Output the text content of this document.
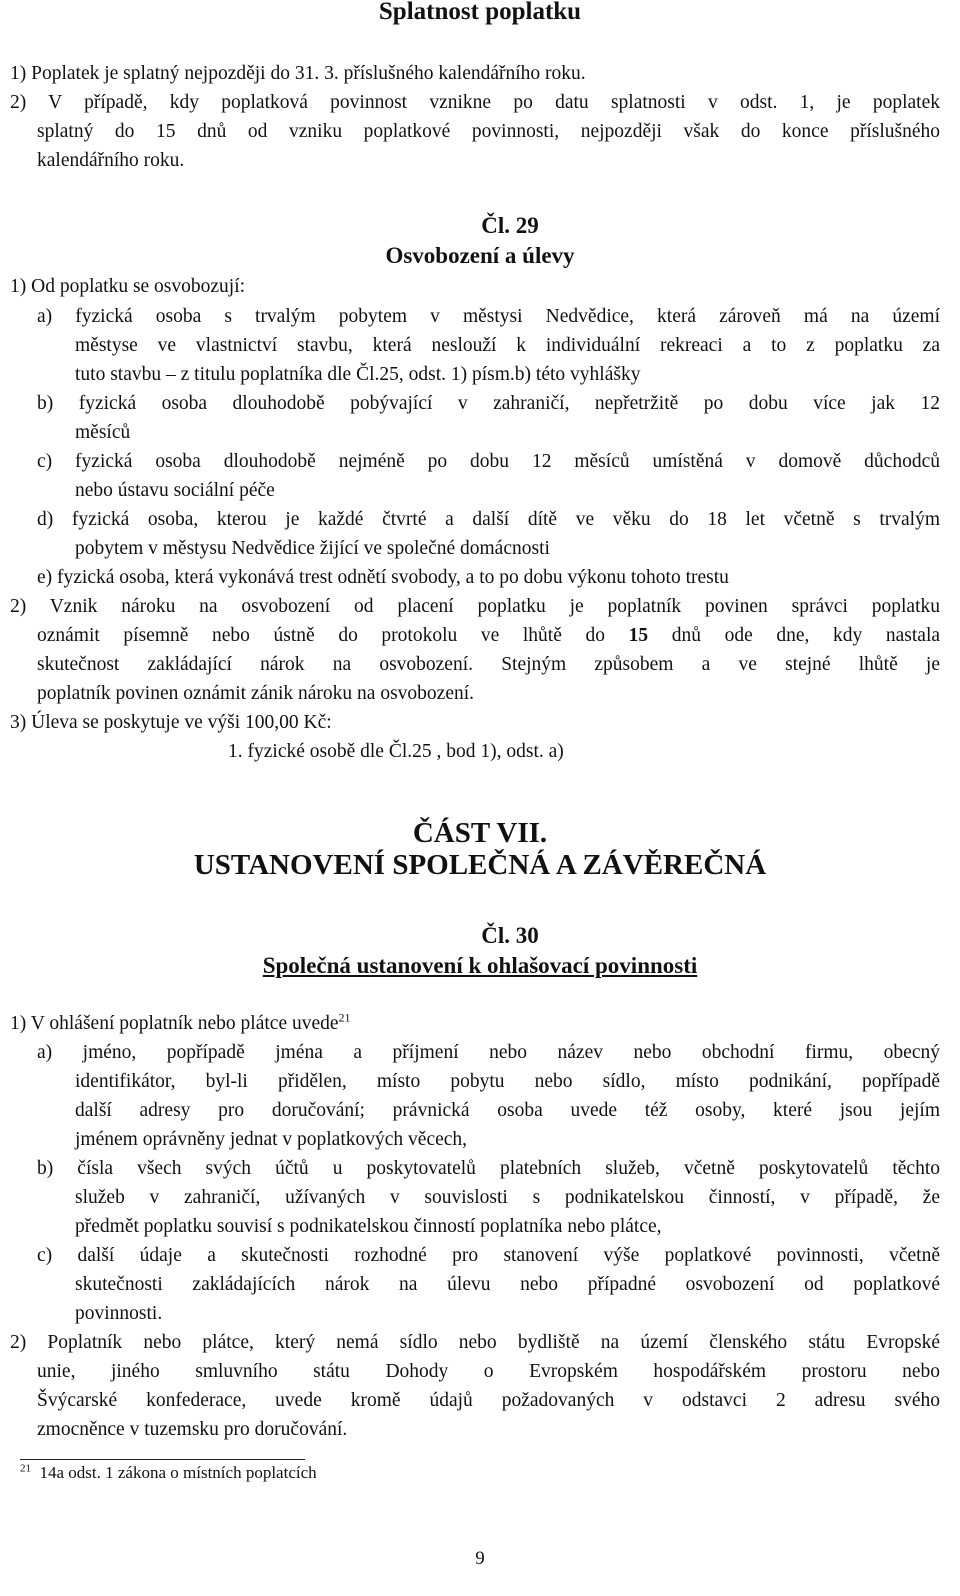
Splatnost poplatku
1) Poplatek je splatný nejpozději do 31. 3. příslušného kalendářního roku.
2) V případě, kdy poplatková povinnost vznikne po datu splatnosti v odst. 1, je poplatek
splatný do 15 dnů od vzniku poplatkové povinnosti, nejpozději však do konce příslušného
kalendářního roku.
Čl. 29
Osvobození a úlevy
1) Od poplatku se osvobozují:
a) fyzická osoba s trvalým pobytem v městysi Nedvědice, která zároveň má na území
městyse ve vlastnictví stavbu, která neslouží k individuální rekreaci a to z poplatku za
tuto stavbu – z titulu poplatníka dle Čl.25, odst. 1) písm.b) této vyhlášky
b) fyzická osoba dlouhodobě pobývající v zahraničí, nepřetržitě po dobu více jak 12
měsíců
c) fyzická osoba dlouhodobě nejméně po dobu 12 měsíců umístěná v domově důchodců
nebo ústavu sociální péče
d) fyzická osoba, kterou je každé čtvrté a další dítě ve věku do 18 let včetně s trvalým
pobytem v městysu Nedvědice žijící ve společné domácnosti
e) fyzická osoba, která vykonává trest odnětí svobody, a to po dobu výkonu tohoto trestu
2) Vznik nároku na osvobození od placení poplatku je poplatník povinen správci poplatku
oznámit písemně nebo ústně do protokolu ve lhůtě do 15 dnů ode dne, kdy nastala
skutečnost zakládající nárok na osvobození. Stejným způsobem a ve stejné lhůtě je
poplatník povinen oznámit zánik nároku na osvobození.
3) Úleva se poskytuje ve výši 100,00 Kč:
1. fyzické osobě dle Čl.25 , bod 1), odst. a)
ČÁST VII.
USTANOVENÍ SPOLEČNÁ A ZÁVĚREČNÁ
Čl. 30
Společná ustanovení k ohlašovací povinnosti
1) V ohlášení poplatník nebo plátce uvede$^{21}$
a) jméno, popřípadě jména a příjmení nebo název nebo obchodní firmu, obecný
identifikátor, byl-li přidělen, místo pobytu nebo sídlo, místo podnikání, popřípadě
další adresy pro doručování; právnická osoba uvede též osoby, které jsou jejím
jménem oprávněny jednat v poplatkových věcech,
b) čísla všech svých účtů u poskytovatelů platebních služeb, včetně poskytovatelů těchto
služeb v zahraničí, užívaných v souvislosti s podnikatelskou činností, v případě, že
předmět poplatku souvisí s podnikatelskou činností poplatníka nebo plátce,
c) další údaje a skutečnosti rozhodné pro stanovení výše poplatkové povinnosti, včetně
skutečnosti zakládajících nárok na úlevu nebo případné osvobození od poplatkové
povinnosti.
2) Poplatník nebo plátce, který nemá sídlo nebo bydliště na území členského státu Evropské
unie, jiného smluvního státu Dohody o Evropském hospodářském prostoru nebo
Švýcarské konfederace, uvede kromě údajů požadovaných v odstavci 2 adresu svého
zmocněnce v tuzemsku pro doručování.
$^{21}$ 14a odst. 1 zákona o místních poplatcích
9
